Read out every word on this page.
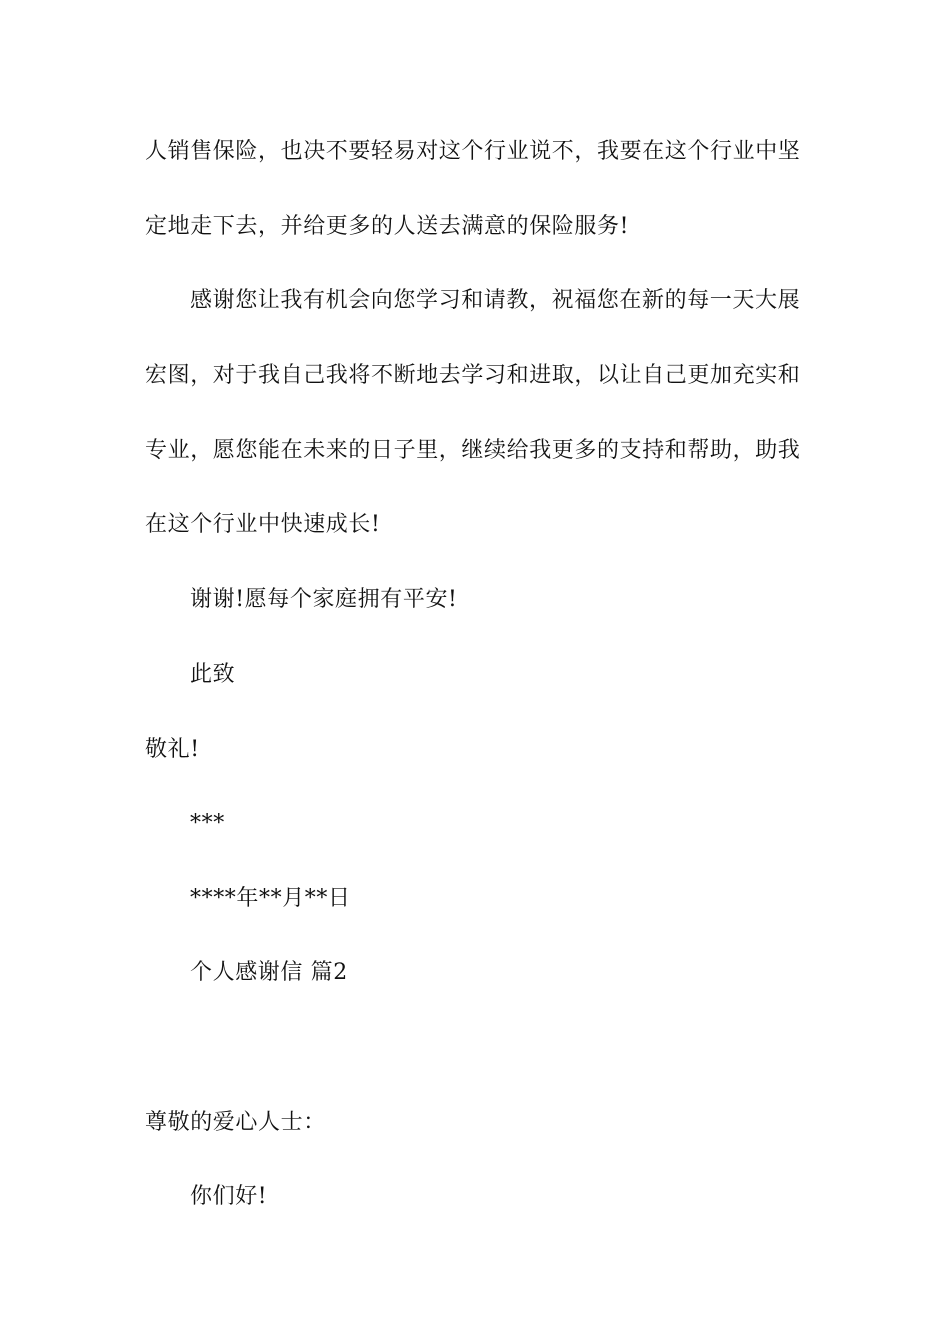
人销售保险，也决不要轻易对这个行业说不，我要在这个行业中坚
定地走下去，并给更多的人送去满意的保险服务!
感谢您让我有机会向您学习和请教，祝福您在新的每一天大展
宏图，对于我自己我将不断地去学习和进取，以让自己更加充实和
专业，愿您能在未来的日子里，继续给我更多的支持和帮助，助我
在这个行业中快速成长!
谢谢!愿每个家庭拥有平安!
此致
敬礼!
***
****年**月**日
个人感谢信 篇2
尊敬的爱心人士：
你们好!
